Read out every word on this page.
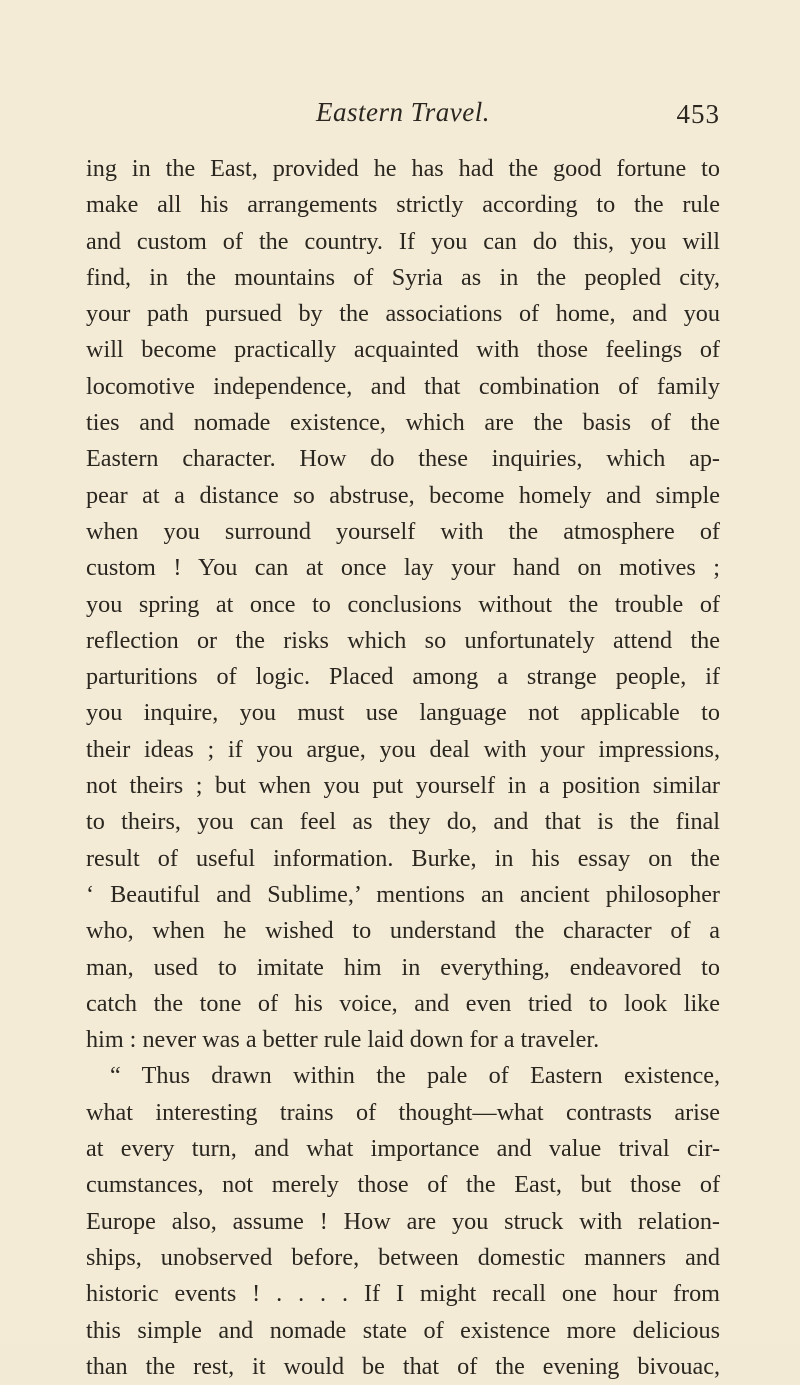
Eastern Travel.	453
ing in the East, provided he has had the good fortune to
make all his arrangements strictly according to the rule
and custom of the country. If you can do this, you will
find, in the mountains of Syria as in the peopled city,
your path pursued by the associations of home, and you
will become practically acquainted with those feelings of
locomotive independence, and that combination of family
ties and nomade existence, which are the basis of the
Eastern character. How do these inquiries, which ap-
pear at a distance so abstruse, become homely and simple
when you surround yourself with the atmosphere of
custom ! You can at once lay your hand on motives ;
you spring at once to conclusions without the trouble of
reflection or the risks which so unfortunately attend the
parturitions of logic. Placed among a strange people, if
you inquire, you must use language not applicable to
their ideas ; if you argue, you deal with your impressions,
not theirs ; but when you put yourself in a position similar
to theirs, you can feel as they do, and that is the final
result of useful information. Burke, in his essay on the
‘ Beautiful and Sublime,’ mentions an ancient philosopher
who, when he wished to understand the character of a
man, used to imitate him in everything, endeavored to
catch the tone of his voice, and even tried to look like
him : never was a better rule laid down for a traveler.
“ Thus drawn within the pale of Eastern existence,
what interesting trains of thought—what contrasts arise
at every turn, and what importance and value trival cir-
cumstances, not merely those of the East, but those of
Europe also, assume ! How are you struck with relation-
ships, unobserved before, between domestic manners and
historic events ! . . . . If I might recall one hour from
this simple and nomade state of existence more delicious
than the rest, it would be that of the evening bivouac,
